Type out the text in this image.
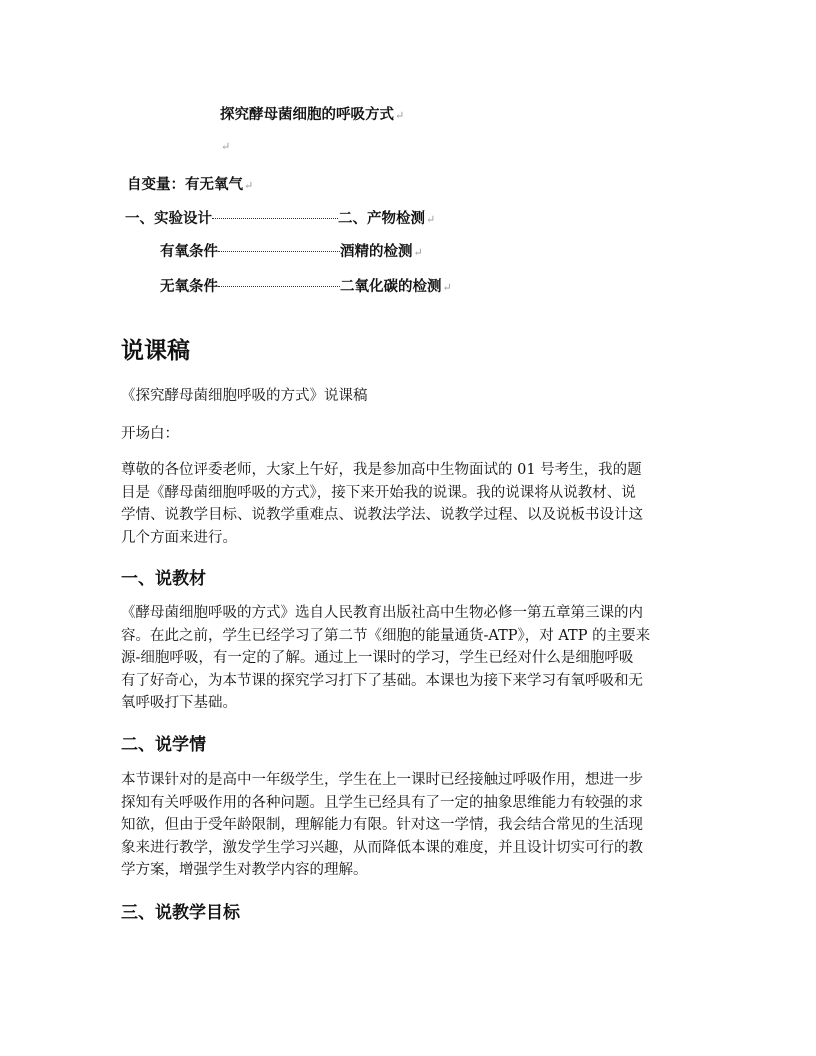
探究酵母菌细胞的呼吸方式↵
↵
自变量：有无氧气↵
一、实验设计	二、产物检测 ↵
有氧条件	酒精的检测 ↵
无氧条件	二氧化碳的检测 ↵
说课稿
《探究酵母菌细胞呼吸的方式》说课稿
开场白：
尊敬的各位评委老师，大家上午好，我是参加高中生物面试的 01 号考生，我的题
目是《酵母菌细胞呼吸的方式》，接下来开始我的说课。我的说课将从说教材、说
学情、说教学目标、说教学重难点、说教法学法、说教学过程、以及说板书设计这
几个方面来进行。
一、说教材
《酵母菌细胞呼吸的方式》选自人民教育出版社高中生物必修一第五章第三课的内
容。在此之前，学生已经学习了第二节《细胞的能量通货-ATP》，对 ATP 的主要来
源-细胞呼吸，有一定的了解。通过上一课时的学习，学生已经对什么是细胞呼吸
有了好奇心，为本节课的探究学习打下了基础。本课也为接下来学习有氧呼吸和无
氧呼吸打下基础。
二、说学情
本节课针对的是高中一年级学生，学生在上一课时已经接触过呼吸作用，想进一步
探知有关呼吸作用的各种问题。且学生已经具有了一定的抽象思维能力有较强的求
知欲，但由于受年龄限制，理解能力有限。针对这一学情，我会结合常见的生活现
象来进行教学，激发学生学习兴趣，从而降低本课的难度，并且设计切实可行的教
学方案，增强学生对教学内容的理解。
三、说教学目标
